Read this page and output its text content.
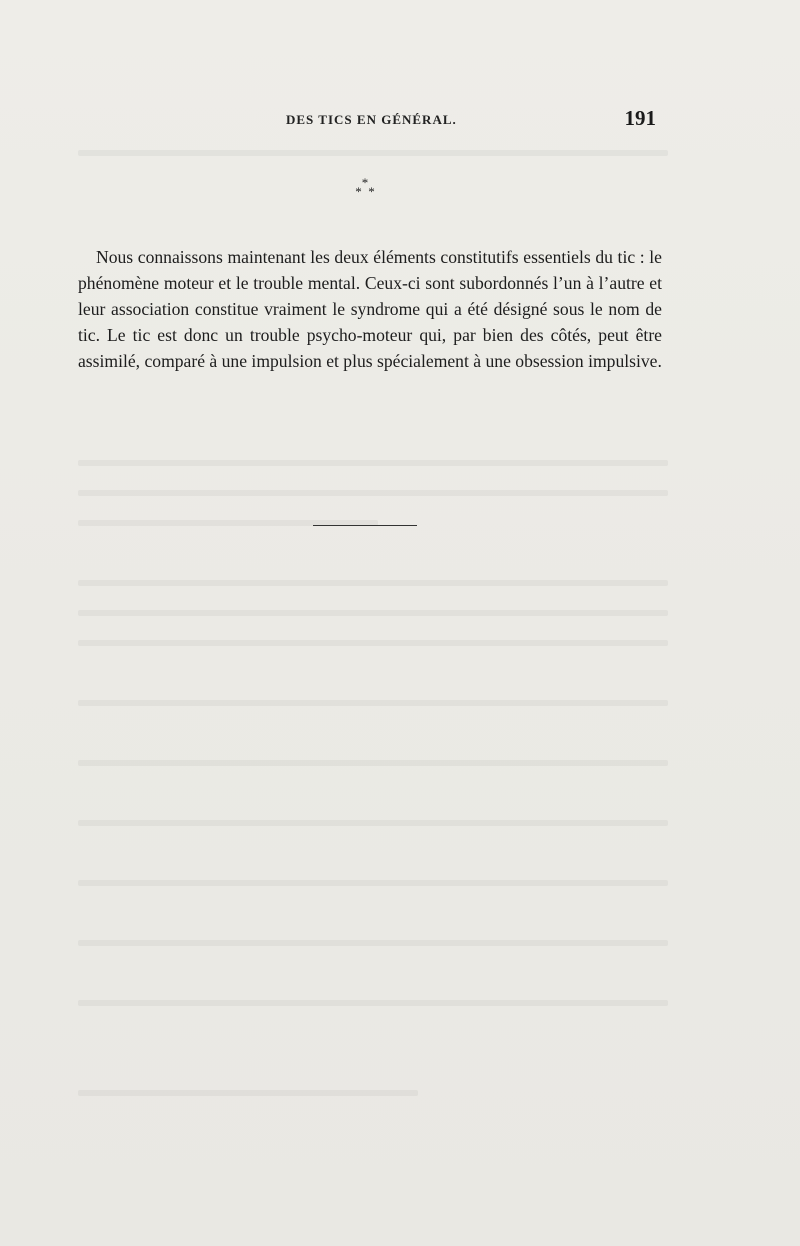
DES TICS EN GÉNÉRAL.	191
*
* *

Nous connaissons maintenant les deux éléments constitutifs essentiels du tic : le phénomène moteur et le trouble mental. Ceux-ci sont subordonnés l’un à l’autre et leur association constitue vraiment le syndrome qui a été désigné sous le nom de tic. Le tic est donc un trouble psycho-moteur qui, par bien des côtés, peut être assimilé, comparé à une impulsion et plus spécialement à une obsession impulsive.
